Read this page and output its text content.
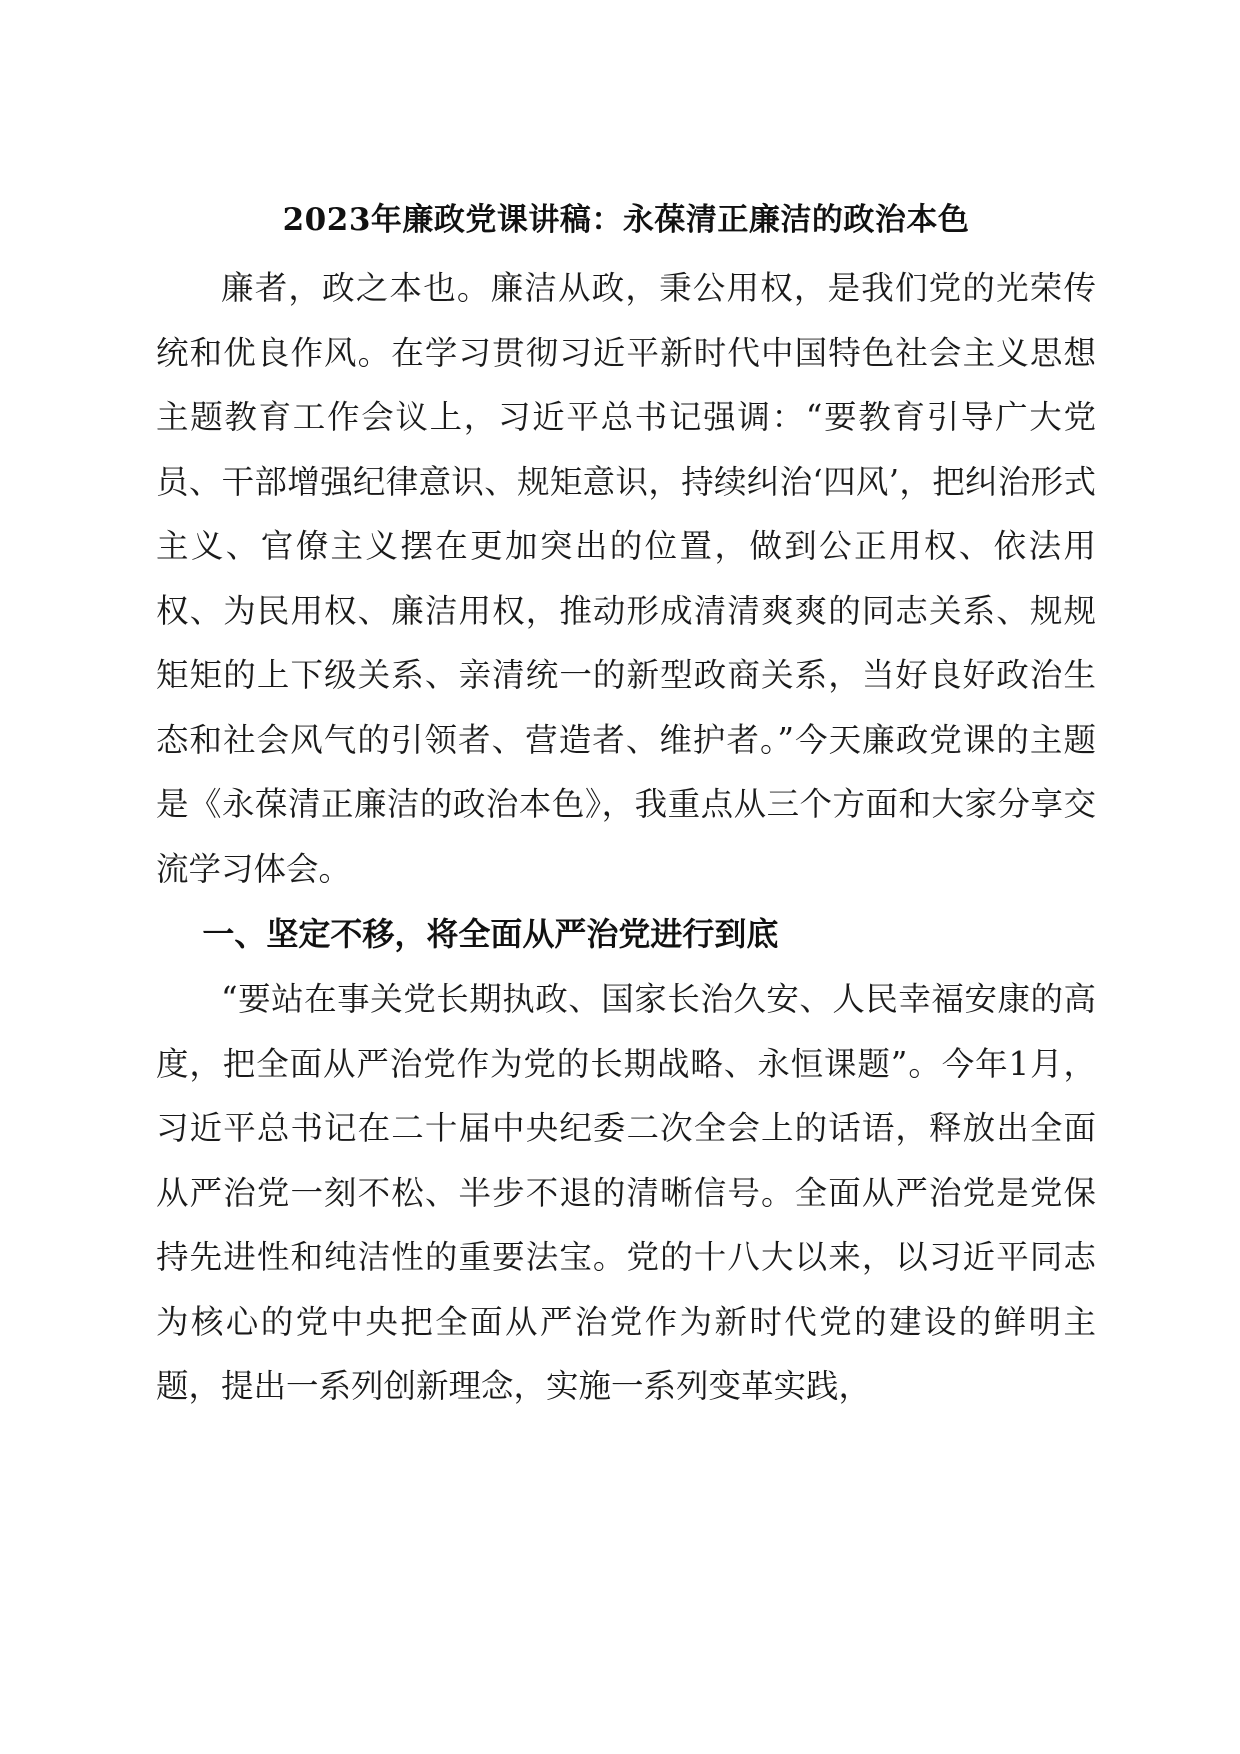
2023年廉政党课讲稿：永葆清正廉洁的政治本色

廉者，政之本也。廉洁从政，秉公用权，是我们党的光荣传统和优良作风。在学习贯彻习近平新时代中国特色社会主义思想主题教育工作会议上，习近平总书记强调：“要教育引导广大党员、干部增强纪律意识、规矩意识，持续纠治‘四风’，把纠治形式主义、官僚主义摆在更加突出的位置，做到公正用权、依法用权、为民用权、廉洁用权，推动形成清清爽爽的同志关系、规规矩矩的上下级关系、亲清统一的新型政商关系，当好良好政治生态和社会风气的引领者、营造者、维护者。”今天廉政党课的主题是《永葆清正廉洁的政治本色》，我重点从三个方面和大家分享交流学习体会。

一、坚定不移，将全面从严治党进行到底

“要站在事关党长期执政、国家长治久安、人民幸福安康的高度，把全面从严治党作为党的长期战略、永恒课题”。今年1月，习近平总书记在二十届中央纪委二次全会上的话语，释放出全面从严治党一刻不松、半步不退的清晰信号。全面从严治党是党保持先进性和纯洁性的重要法宝。党的十八大以来，以习近平同志为核心的党中央把全面从严治党作为新时代党的建设的鲜明主题，提出一系列创新理念，实施一系列变革实践，
